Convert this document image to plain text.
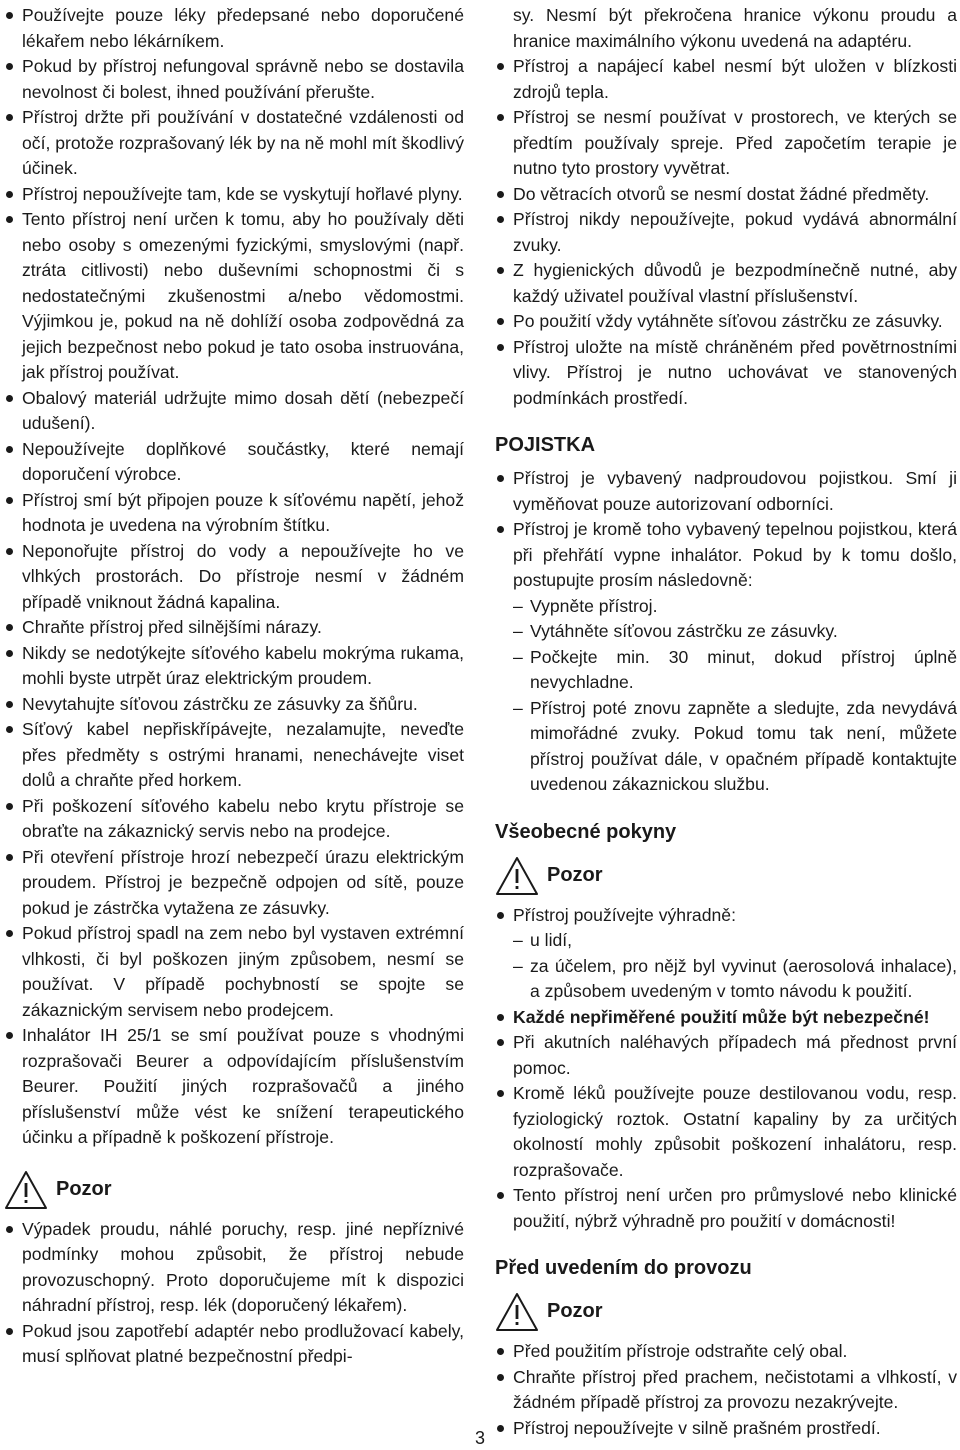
Používejte pouze léky předepsané nebo doporučené lékařem nebo lékárníkem.
Pokud by přístroj nefungoval správně nebo se dostavila nevolnost či bolest, ihned používání přerušte.
Přístroj držte při používání v dostatečné vzdálenosti od očí, protože rozprašovaný lék by na ně mohl mít škodlivý účinek.
Přístroj nepoužívejte tam, kde se vyskytují hořlavé plyny.
Tento přístroj není určen k tomu, aby ho používaly děti nebo osoby s omezenými fyzickými, smyslovými (např. ztráta citlivosti) nebo duševními schopnostmi či s nedostatečnými zkušenostmi a/nebo vědomostmi. Výjimkou je, pokud na ně dohlíží osoba zodpovědná za jejich bezpečnost nebo pokud je tato osoba instruována, jak přístroj používat.
Obalový materiál udržujte mimo dosah dětí (nebezpečí udušení).
Nepoužívejte doplňkové součástky, které nemají doporučení výrobce.
Přístroj smí být připojen pouze k síťovému napětí, jehož hodnota je uvedena na výrobním štítku.
Neponořujte přístroj do vody a nepoužívejte ho ve vlhkých prostorách. Do přístroje nesmí v žádném případě vniknout žádná kapalina.
Chraňte přístroj před silnějšími nárazy.
Nikdy se nedotýkejte síťového kabelu mokrýma rukama, mohli byste utrpět úraz elektrickým proudem.
Nevytahujte síťovou zástrčku ze zásuvky za šňůru.
Síťový kabel nepřiskřípávejte, nezalamujte, neveďte přes předměty s ostrými hranami, nenechávejte viset dolů a chraňte před horkem.
Při poškození síťového kabelu nebo krytu přístroje se obraťte na zákaznický servis nebo na prodejce.
Při otevření přístroje hrozí nebezpečí úrazu elektrickým proudem. Přístroj je bezpečně odpojen od sítě, pouze pokud je zástrčka vytažena ze zásuvky.
Pokud přístroj spadl na zem nebo byl vystaven extrémní vlhkosti, či byl poškozen jiným způsobem, nesmí se používat. V případě pochybností se spojte se zákaznickým servisem nebo prodejcem.
Inhalátor IH 25/1 se smí používat pouze s vhodnými rozprašovači Beurer a odpovídajícím příslušenstvím Beurer. Použití jiných rozprašovačů a jiného příslušenství může vést ke snížení terapeutického účinku a případně k poškození přístroje.
Pozor
Výpadek proudu, náhlé poruchy, resp. jiné nepříznivé podmínky mohou způsobit, že přístroj nebude provozuschopný. Proto doporučujeme mít k dispozici náhradní přístroj, resp. lék (doporučený lékařem).
Pokud jsou zapotřebí adaptér nebo prodlužovací kabely, musí splňovat platné bezpečnostní předpi-
sy. Nesmí být překročena hranice výkonu proudu a hranice maximálního výkonu uvedená na adaptéru.
Přístroj a napájecí kabel nesmí být uložen v blízkosti zdrojů tepla.
Přístroj se nesmí používat v prostorech, ve kterých se předtím používaly spreje. Před započetím terapie je nutno tyto prostory vyvětrat.
Do větracích otvorů se nesmí dostat žádné předměty.
Přístroj nikdy nepoužívejte, pokud vydává abnormální zvuky.
Z hygienických důvodů je bezpodmínečně nutné, aby každý uživatel používal vlastní příslušenství.
Po použití vždy vytáhněte síťovou zástrčku ze zásuvky.
Přístroj uložte na místě chráněném před povětrnostními vlivy. Přístroj je nutno uchovávat ve stanovených podmínkách prostředí.
POJISTKA
Přístroj je vybavený nadproudovou pojistkou. Smí ji vyměňovat pouze autorizovaní odborníci.
Přístroj je kromě toho vybavený tepelnou pojistkou, která při přehřátí vypne inhalátor. Pokud by k tomu došlo, postupujte prosím následovně:
– Vypněte přístroj.
– Vytáhněte síťovou zástrčku ze zásuvky.
– Počkejte min. 30 minut, dokud přístroj úplně nevychladne.
– Přístroj poté znovu zapněte a sledujte, zda nevydává mimořádné zvuky. Pokud tomu tak není, můžete přístroj používat dále, v opačném případě kontaktujte uvedenou zákaznickou službu.
Všeobecné pokyny
Pozor
Přístroj používejte výhradně:
– u lidí,
– za účelem, pro nějž byl vyvinut (aerosolová inhalace), a způsobem uvedeným v tomto návodu k použití.
Každé nepřiměřené použití může být nebezpečné!
Při akutních naléhavých případech má přednost první pomoc.
Kromě léků používejte pouze destilovanou vodu, resp. fyziologický roztok. Ostatní kapaliny by za určitých okolností mohly způsobit poškození inhalátoru, resp. rozprašovače.
Tento přístroj není určen pro průmyslové nebo klinické použití, nýbrž výhradně pro použití v domácnosti!
Před uvedením do provozu
Pozor
Před použitím přístroje odstraňte celý obal.
Chraňte přístroj před prachem, nečistotami a vlhkostí, v žádném případě přístroj za provozu nezakrývejte.
Přístroj nepoužívejte v silně prašném prostředí.
3
